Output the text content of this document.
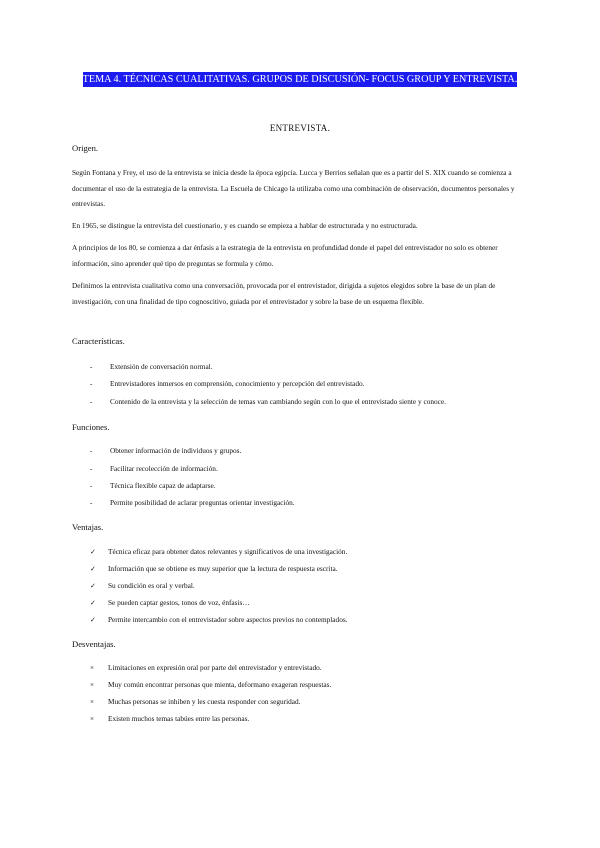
TEMA 4. TÉCNICAS CUALITATIVAS. GRUPOS DE DISCUSIÓN- FOCUS GROUP Y ENTREVISTA.
ENTREVISTA.
Origen.
Según Fontana y Frey, el uso de la entrevista se inicia desde la época egipcia. Lucca y Berrios señalan que es a partir del S. XIX cuando se comienza a documentar el uso de la estrategia de la entrevista. La Escuela de Chicago la utilizaba como una combinación de observación, documentos personales y entrevistas.
En 1965, se distingue la entrevista del cuestionario, y es cuando se empieza a hablar de estructurada y no estructurada.
A principios de los 80, se comienza a dar énfasis a la estrategia de la entrevista en profundidad donde el papel del entrevistador no solo es obtener información, sino aprender qué tipo de preguntas se formula y cómo.
Definimos la entrevista cualitativa como una conversación, provocada por el entrevistador, dirigida a sujetos elegidos sobre la base de un plan de investigación, con una finalidad de tipo cognoscitivo, guiada por el entrevistador y sobre la base de un esquema flexible.
Características.
- Extensión de conversación normal.
- Entrevistadores inmersos en comprensión, conocimiento y percepción del entrevistado.
- Contenido de la entrevista y la selección de temas van cambiando según con lo que el entrevistado siente y conoce.
Funciones.
- Obtener información de individuos y grupos.
- Facilitar recolección de información.
- Técnica flexible capaz de adaptarse.
- Permite posibilidad de aclarar preguntas orientar investigación.
Ventajas.
✓ Técnica eficaz para obtener datos relevantes y significativos de una investigación.
✓ Información que se obtiene es muy superior que la lectura de respuesta escrita.
✓ Su condición es oral y verbal.
✓ Se pueden captar gestos, tonos de voz, énfasis…
✓ Permite intercambio con el entrevistador sobre aspectos previos no contemplados.
Desventajas.
× Limitaciones en expresión oral por parte del entrevistador y entrevistado.
× Muy común encontrar personas que mienta, deformano exageran respuestas.
× Muchas personas se inhiben y les cuesta responder con seguridad.
× Existen muchos temas tabúes entre las personas.
